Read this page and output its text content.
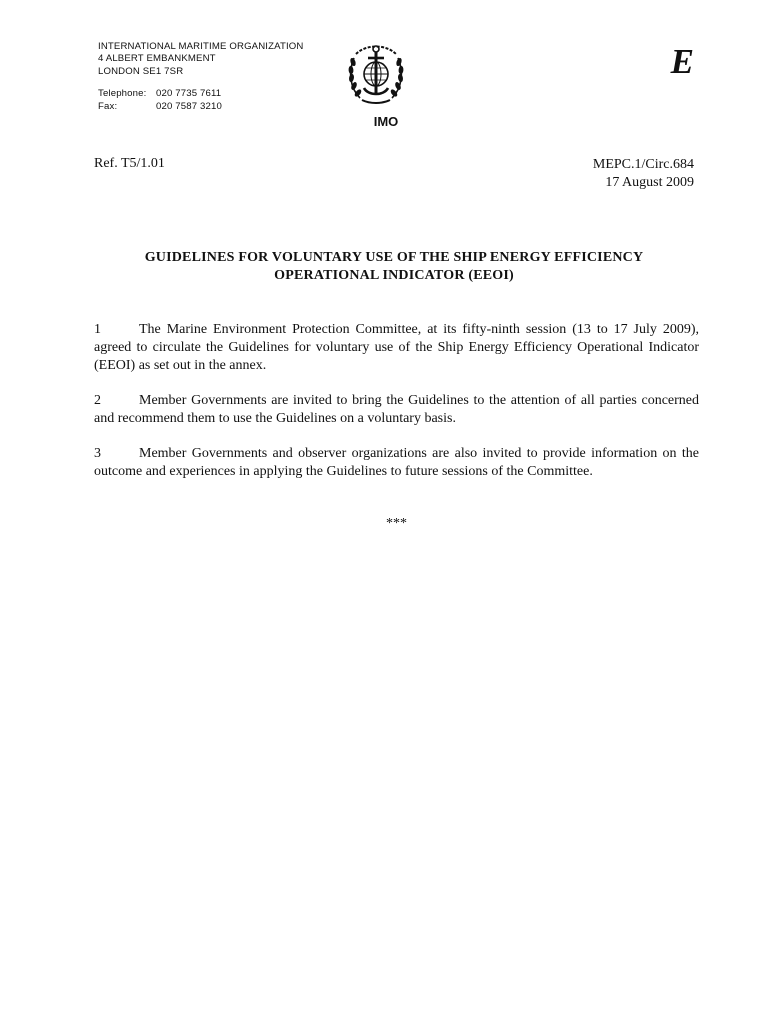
INTERNATIONAL MARITIME ORGANIZATION
4 ALBERT EMBANKMENT
LONDON SE1 7SR
Telephone: 020 7735 7611
Fax:	020 7587 3210
IMO
E
Ref. T5/1.01	MEPC.1/Circ.684
17 August 2009
GUIDELINES FOR VOLUNTARY USE OF THE SHIP ENERGY EFFICIENCY
OPERATIONAL INDICATOR (EEOI)

1	The Marine Environment Protection Committee, at its fifty-ninth session (13 to 17 July 2009), agreed to circulate the Guidelines for voluntary use of the Ship Energy Efficiency Operational Indicator (EEOI) as set out in the annex.

2	Member Governments are invited to bring the Guidelines to the attention of all parties concerned and recommend them to use the Guidelines on a voluntary basis.

3	Member Governments and observer organizations are also invited to provide information on the outcome and experiences in applying the Guidelines to future sessions of the Committee.

***
